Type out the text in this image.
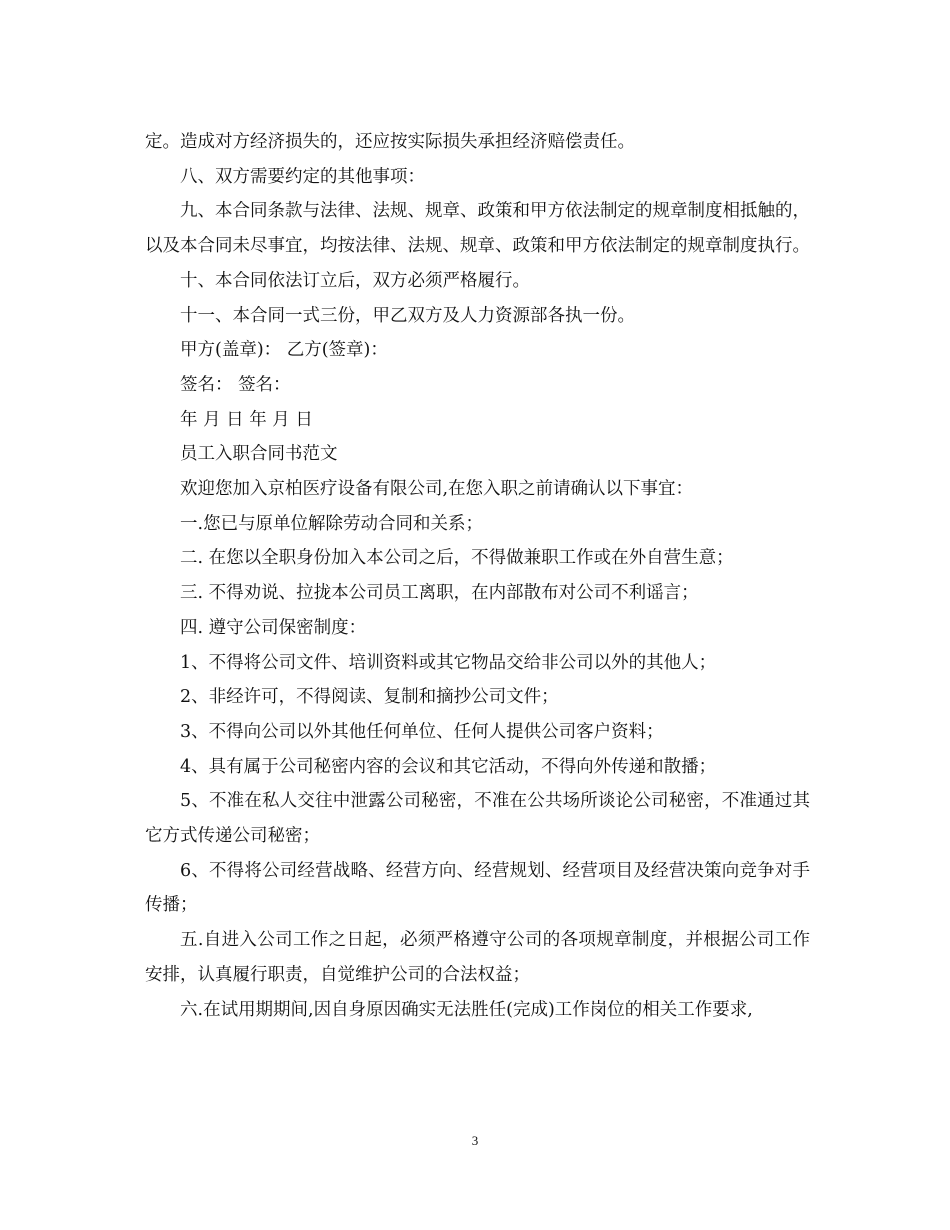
定。造成对方经济损失的，还应按实际损失承担经济赔偿责任。

八、双方需要约定的其他事项：

九、本合同条款与法律、法规、规章、政策和甲方依法制定的规章制度相抵触的，以及本合同未尽事宜，均按法律、法规、规章、政策和甲方依法制定的规章制度执行。

十、本合同依法订立后，双方必须严格履行。

十一、本合同一式三份，甲乙双方及人力资源部各执一份。

甲方(盖章)： 乙方(签章)：

签名： 签名：

年 月 日 年 月 日

员工入职合同书范文

欢迎您加入京柏医疗设备有限公司,在您入职之前请确认以下事宜：

一.您已与原单位解除劳动合同和关系；

二. 在您以全职身份加入本公司之后，不得做兼职工作或在外自营生意；

三. 不得劝说、拉拢本公司员工离职，在内部散布对公司不利谣言；

四. 遵守公司保密制度：

1、不得将公司文件、培训资料或其它物品交给非公司以外的其他人；

2、非经许可，不得阅读、复制和摘抄公司文件；

3、不得向公司以外其他任何单位、任何人提供公司客户资料；

4、具有属于公司秘密内容的会议和其它活动，不得向外传递和散播；

5、不准在私人交往中泄露公司秘密，不准在公共场所谈论公司秘密，不准通过其它方式传递公司秘密；

6、不得将公司经营战略、经营方向、经营规划、经营项目及经营决策向竞争对手传播；

五.自进入公司工作之日起，必须严格遵守公司的各项规章制度，并根据公司工作安排，认真履行职责，自觉维护公司的合法权益；

六.在试用期期间,因自身原因确实无法胜任(完成)工作岗位的相关工作要求,

3
